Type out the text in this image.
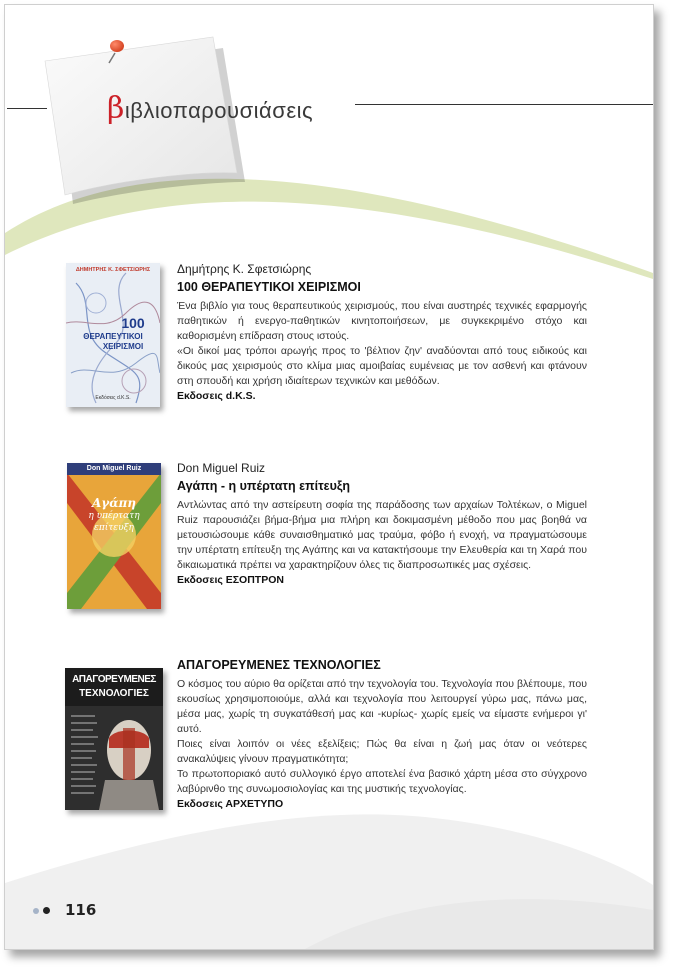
βιβλιοπαρουσιάσεις
ΔΗΜΗΤΡΗΣ Κ. ΣΦΕΤΣΙΩΡΗΣ
100
ΘΕΡΑΠΕΥΤΙΚΟΙ
ΧΕΙΡΙΣΜΟΙ
Εκδόσεις d.K.S.
Δημήτρης Κ. Σφετσιώρης
100 ΘΕΡΑΠΕΥΤΙΚΟΙ ΧΕΙΡΙΣΜΟΙ

Ένα βιβλίο για τους θεραπευτικούς χειρισμούς, που είναι αυστηρές τεχνικές εφαρμογής παθητικών ή ενεργο-παθητικών κινητοποιήσεων, με συγκεκριμένο στόχο και καθορισμένη επίδραση στους ιστούς.

«Οι δικοί μας τρόποι αρωγής προς το 'βέλτιον ζην' αναδύονται από τους ειδικούς και δικούς μας χειρισμούς στο κλίμα μιας αμοιβαίας ευμένειας με τον ασθενή και φτάνουν στη σπουδή και χρήση ιδιαίτερων τεχνικών και μεθόδων.

Εκδοσεις d.K.S.
Don Miguel Ruiz
Αγάπη
η υπέρτατη
επίτευξη
Don Miguel Ruiz
Αγάπη - η υπέρτατη επίτευξη

Αντλώντας από την αστείρευτη σοφία της παράδοσης των αρχαίων Τολτέκων, ο Miguel Ruiz παρουσιάζει βήμα-βήμα μια πλήρη και δοκιμασμένη μέθοδο που μας βοηθά να μετουσιώσουμε κάθε συναισθηματικό μας τραύμα, φόβο ή ενοχή, να πραγματώσουμε την υπέρτατη επίτευξη της Αγάπης και να κατακτήσουμε την Ελευθερία και τη Χαρά που δικαιωματικά πρέπει να χαρακτηρίζουν όλες τις διαπροσωπικές μας σχέσεις.

Εκδοσεις ΕΣΟΠΤΡΟΝ
ΑΠΑΓΟΡΕΥΜΕΝΕΣ
ΤΕΧΝΟΛΟΓΙΕΣ
ΑΠΑΓΟΡΕΥΜΕΝΕΣ ΤΕΧΝΟΛΟΓΙΕΣ

Ο κόσμος του αύριο θα ορίζεται από την τεχνολογία του. Τεχνολογία που βλέπουμε, που εκουσίως χρησιμοποιούμε, αλλά και τεχνολογία που λειτουργεί γύρω μας, πάνω μας, μέσα μας, χωρίς τη συγκατάθεσή μας και -κυρίως- χωρίς εμείς να είμαστε ενήμεροι γι' αυτό.

Ποιες είναι λοιπόν οι νέες εξελίξεις; Πώς θα είναι η ζωή μας όταν οι νεότερες ανακαλύψεις γίνουν πραγματικότητα;

Το πρωτοποριακό αυτό συλλογικό έργο αποτελεί ένα βασικό χάρτη μέσα στο σύγχρονο λαβύρινθο της συνωμοσιολογίας και της μυστικής τεχνολογίας.

Εκδοσεις ΑΡΧΕΤΥΠΟ
116
